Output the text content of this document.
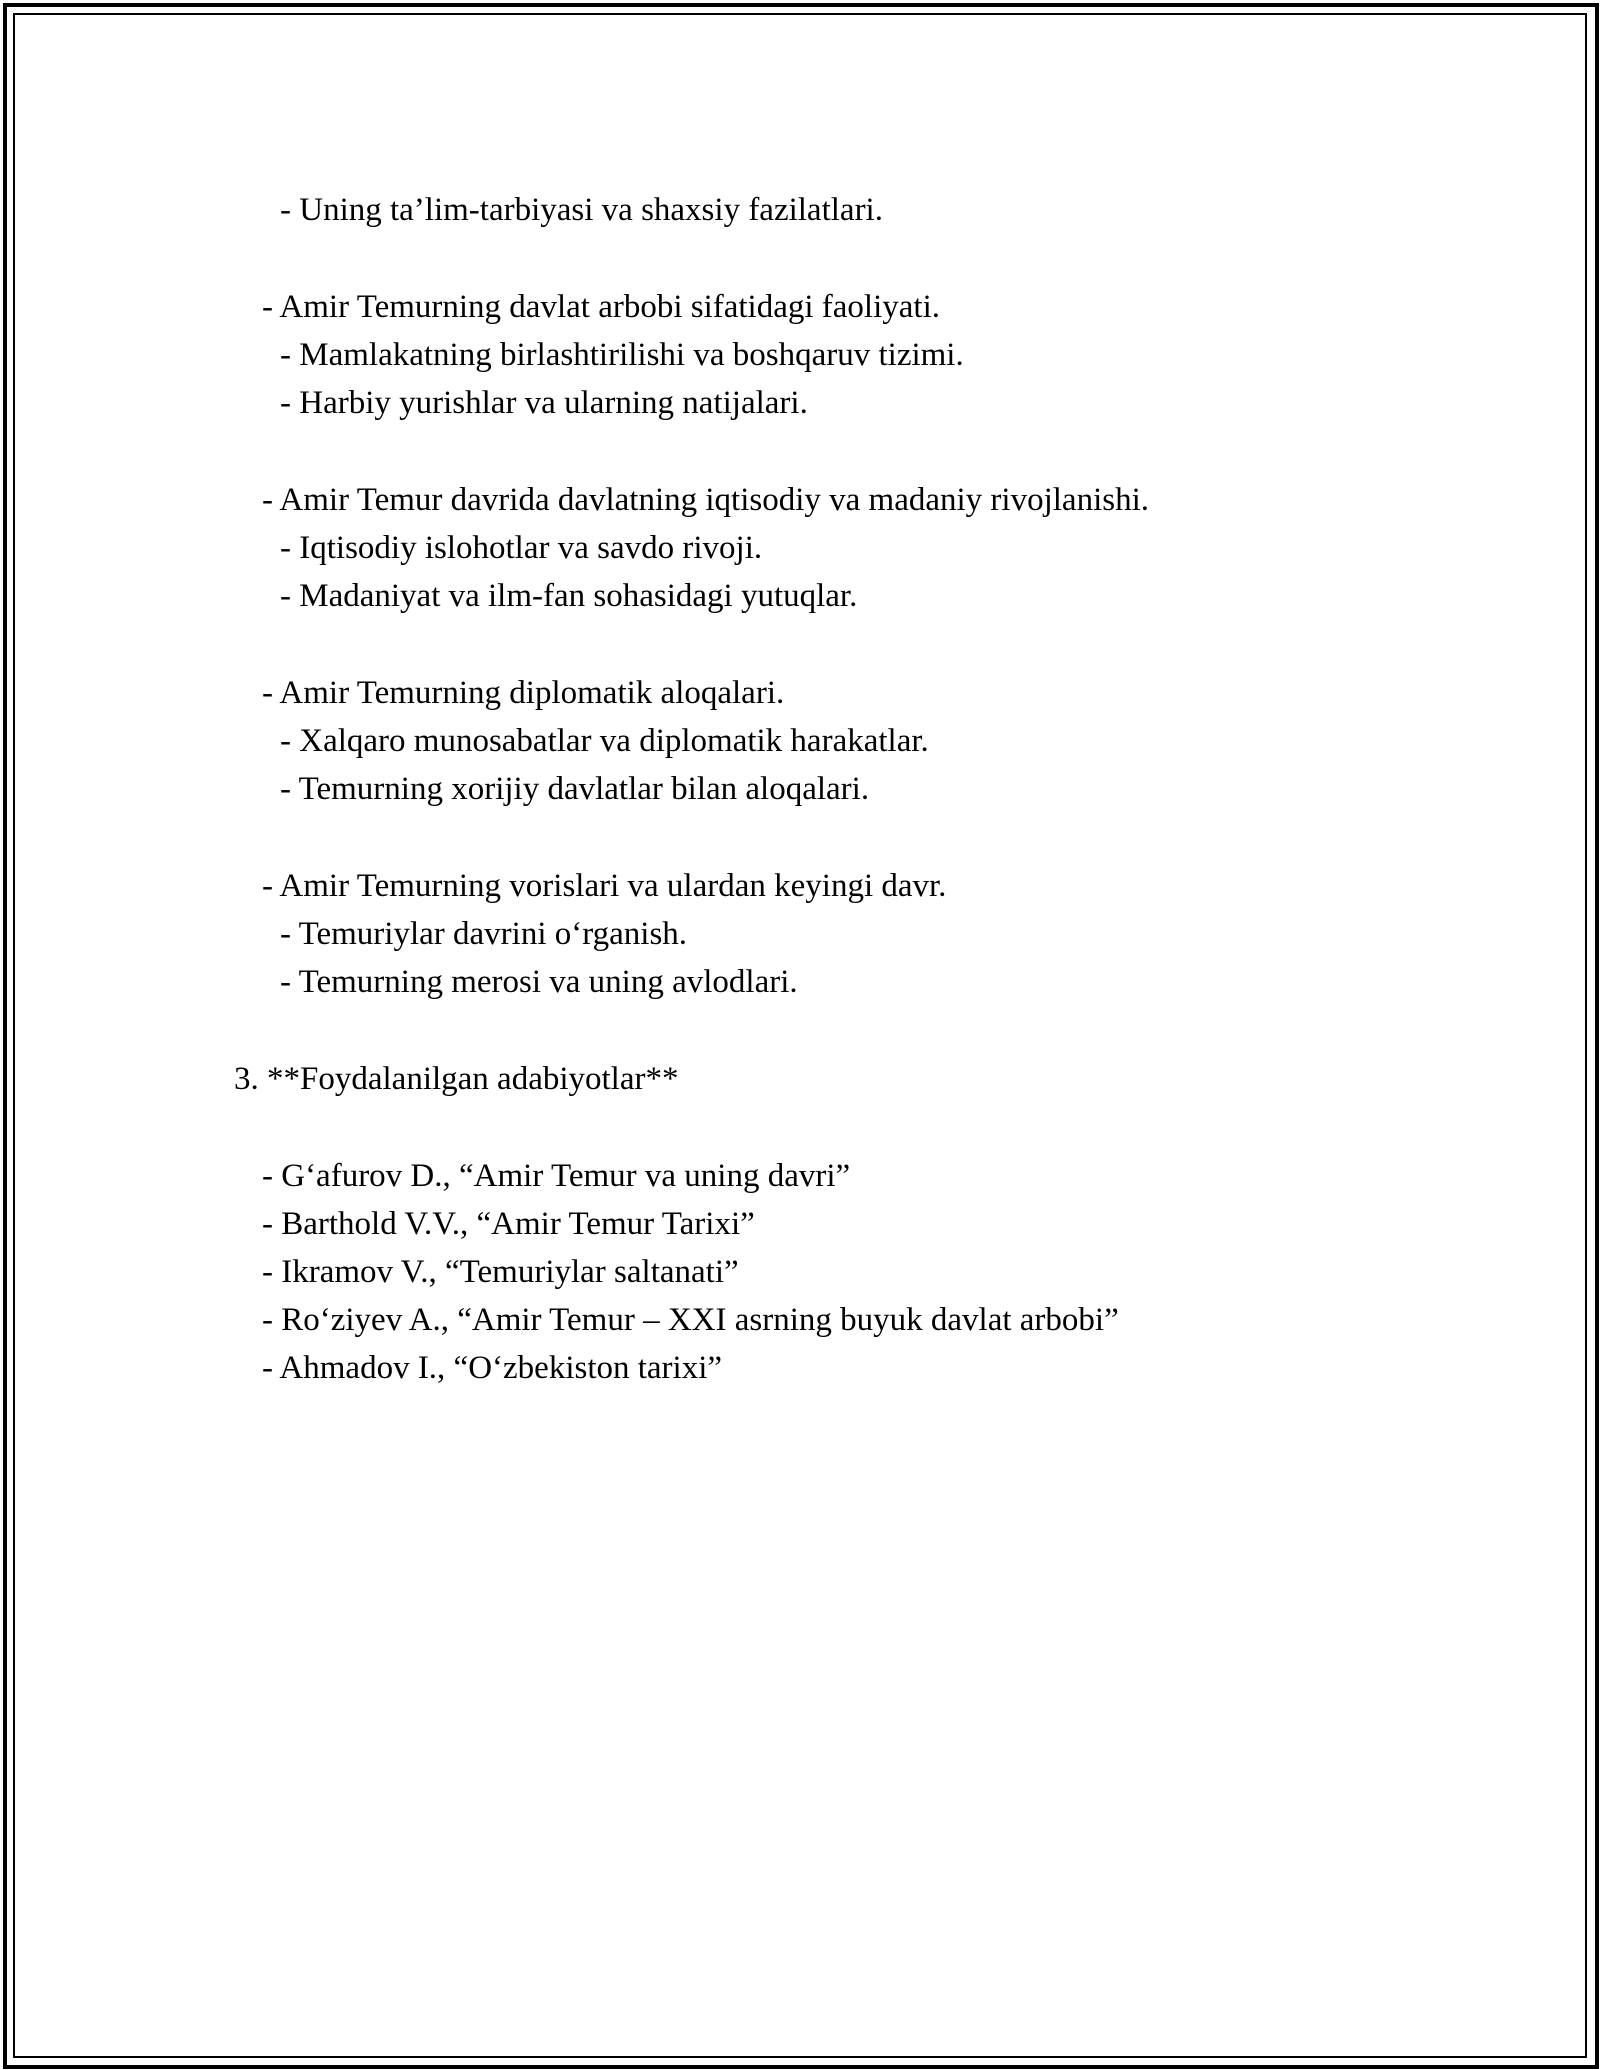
- Uning ta’lim-tarbiyasi va shaxsiy fazilatlari.
- Amir Temurning davlat arbobi sifatidagi faoliyati.
- Mamlakatning birlashtirilishi va boshqaruv tizimi.
- Harbiy yurishlar va ularning natijalari.
- Amir Temur davrida davlatning iqtisodiy va madaniy rivojlanishi.
- Iqtisodiy islohotlar va savdo rivoji.
- Madaniyat va ilm-fan sohasidagi yutuqlar.
- Amir Temurning diplomatik aloqalari.
- Xalqaro munosabatlar va diplomatik harakatlar.
- Temurning xorijiy davlatlar bilan aloqalari.
- Amir Temurning vorislari va ulardan keyingi davr.
- Temuriylar davrini o‘rganish.
- Temurning merosi va uning avlodlari.
3. **Foydalanilgan adabiyotlar**
- G‘afurov D., “Amir Temur va uning davri”
- Barthold V.V., “Amir Temur Tarixi”
- Ikramov V., “Temuriylar saltanati”
- Ro‘ziyev A., “Amir Temur – XXI asrning buyuk davlat arbobi”
- Ahmadov I., “O‘zbekiston tarixi”
